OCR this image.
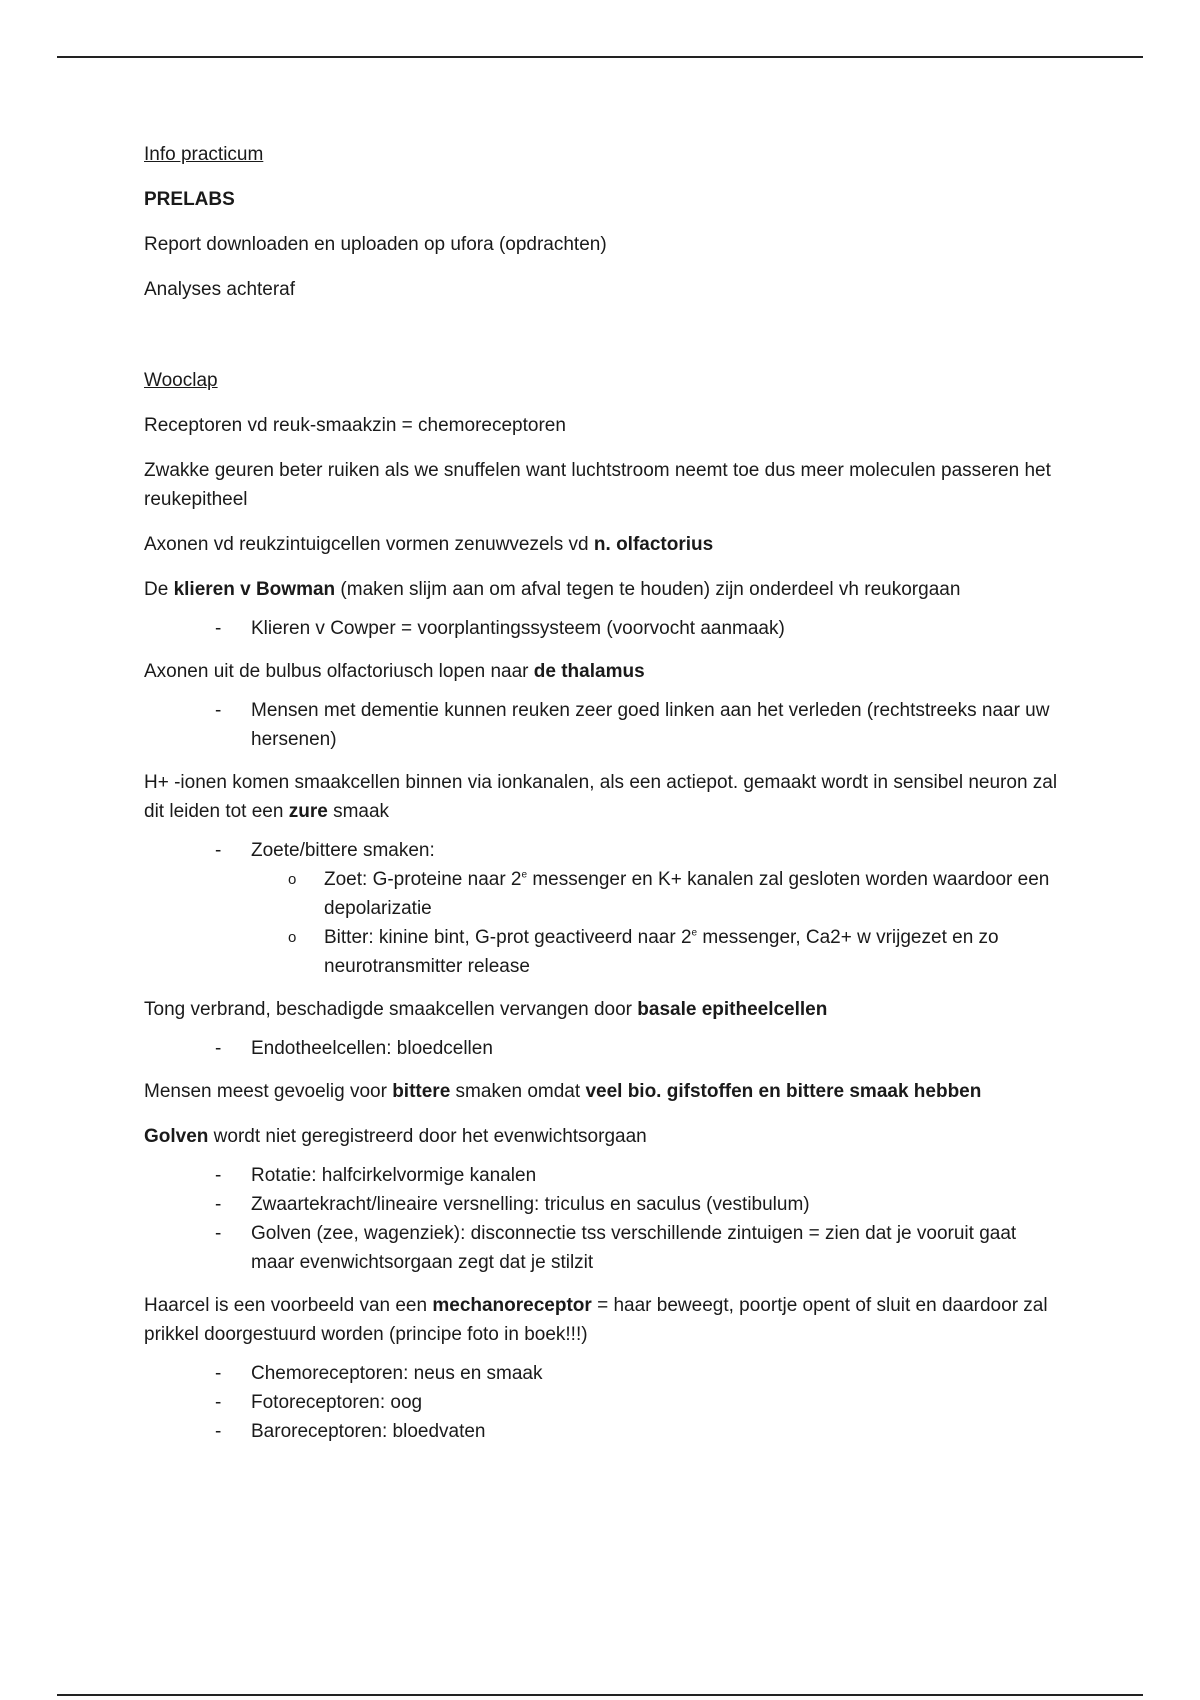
Info practicum

PRELABS

Report downloaden en uploaden op ufora (opdrachten)

Analyses achteraf

Wooclap

Receptoren vd reuk-smaakzin = chemoreceptoren

Zwakke geuren beter ruiken als we snuffelen want luchtstroom neemt toe dus meer moleculen passeren het reukepitheel

Axonen vd reukzintuigcellen vormen zenuwvezels vd n. olfactorius

De klieren v Bowman (maken slijm aan om afval tegen te houden) zijn onderdeel vh reukorgaan

- Klieren v Cowper = voorplantingssysteem (voorvocht aanmaak)

Axonen uit de bulbus olfactoriusch lopen naar de thalamus

- Mensen met dementie kunnen reuken zeer goed linken aan het verleden (rechtstreeks naar uw hersenen)

H+ -ionen komen smaakcellen binnen via ionkanalen, als een actiepot. gemaakt wordt in sensibel neuron zal dit leiden tot een zure smaak

- Zoete/bittere smaken:
o Zoet: G-proteine naar 2e messenger en K+ kanalen zal gesloten worden waardoor een depolarizatie
o Bitter: kinine bint, G-prot geactiveerd naar 2e messenger, Ca2+ w vrijgezet en zo neurotransmitter release

Tong verbrand, beschadigde smaakcellen vervangen door basale epitheelcellen

- Endotheelcellen: bloedcellen

Mensen meest gevoelig voor bittere smaken omdat veel bio. gifstoffen en bittere smaak hebben

Golven wordt niet geregistreerd door het evenwichtsorgaan

- Rotatie: halfcirkelvormige kanalen
- Zwaartekracht/lineaire versnelling: triculus en saculus (vestibulum)
- Golven (zee, wagenziek): disconnectie tss verschillende zintuigen = zien dat je vooruit gaat maar evenwichtsorgaan zegt dat je stilzit

Haarcel is een voorbeeld van een mechanoreceptor = haar beweegt, poortje opent of sluit en daardoor zal prikkel doorgestuurd worden (principe foto in boek!!!)

- Chemoreceptoren: neus en smaak
- Fotoreceptoren: oog
- Baroreceptoren: bloedvaten
